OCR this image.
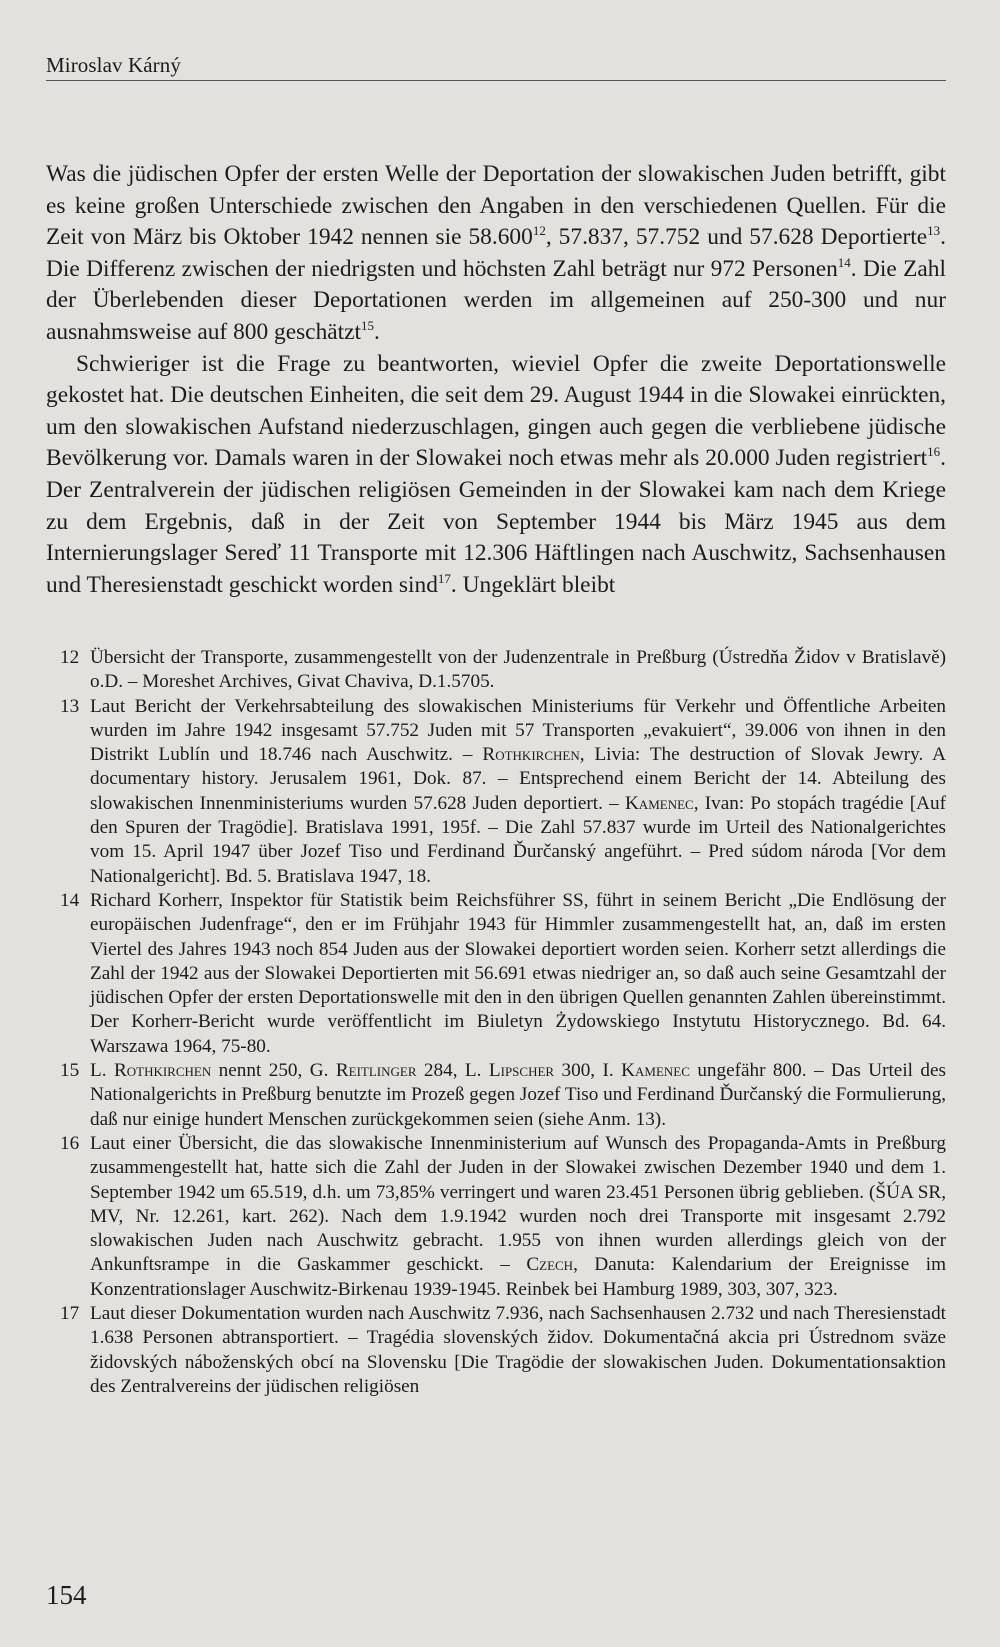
Miroslav Kárný

Was die jüdischen Opfer der ersten Welle der Deportation der slowakischen Juden betrifft, gibt es keine großen Unterschiede zwischen den Angaben in den verschiedenen Quellen. Für die Zeit von März bis Oktober 1942 nennen sie 58.600$^{12}$, 57.837, 57.752 und 57.628 Deportierte$^{13}$. Die Differenz zwischen der niedrigsten und höchsten Zahl beträgt nur 972 Personen$^{14}$. Die Zahl der Überlebenden dieser Deportationen werden im allgemeinen auf 250-300 und nur ausnahmsweise auf 800 geschätzt$^{15}$.

Schwieriger ist die Frage zu beantworten, wieviel Opfer die zweite Deportationswelle gekostet hat. Die deutschen Einheiten, die seit dem 29. August 1944 in die Slowakei einrückten, um den slowakischen Aufstand niederzuschlagen, gingen auch gegen die verbliebene jüdische Bevölkerung vor. Damals waren in der Slowakei noch etwas mehr als 20.000 Juden registriert$^{16}$. Der Zentralverein der jüdischen religiösen Gemeinden in der Slowakei kam nach dem Kriege zu dem Ergebnis, daß in der Zeit von September 1944 bis März 1945 aus dem Internierungslager Sereď 11 Transporte mit 12.306 Häftlingen nach Auschwitz, Sachsenhausen und Theresienstadt geschickt worden sind$^{17}$. Ungeklärt bleibt

12 Übersicht der Transporte, zusammengestellt von der Judenzentrale in Preßburg (Ústredňa Židov v Bratislavě) o.D. – Moreshet Archives, Givat Chaviva, D.1.5705.
13 Laut Bericht der Verkehrsabteilung des slowakischen Ministeriums für Verkehr und Öffentliche Arbeiten wurden im Jahre 1942 insgesamt 57.752 Juden mit 57 Transporten „evakuiert“, 39.006 von ihnen in den Distrikt Lublín und 18.746 nach Auschwitz. – Rothkirchen, Livia: The destruction of Slovak Jewry. A documentary history. Jerusalem 1961, Dok. 87. – Entsprechend einem Bericht der 14. Abteilung des slowakischen Innenministeriums wurden 57.628 Juden deportiert. – Kamenec, Ivan: Po stopách tragédie [Auf den Spuren der Tragödie]. Bratislava 1991, 195f. – Die Zahl 57.837 wurde im Urteil des Nationalgerichtes vom 15. April 1947 über Jozef Tiso und Ferdinand Ďurčanský angeführt. – Pred súdom národa [Vor dem Nationalgericht]. Bd. 5. Bratislava 1947, 18.
14 Richard Korherr, Inspektor für Statistik beim Reichsführer SS, führt in seinem Bericht „Die Endlösung der europäischen Judenfrage“, den er im Frühjahr 1943 für Himmler zusammengestellt hat, an, daß im ersten Viertel des Jahres 1943 noch 854 Juden aus der Slowakei deportiert worden seien. Korherr setzt allerdings die Zahl der 1942 aus der Slowakei Deportierten mit 56.691 etwas niedriger an, so daß auch seine Gesamtzahl der jüdischen Opfer der ersten Deportationswelle mit den in den übrigen Quellen genannten Zahlen übereinstimmt. Der Korherr-Bericht wurde veröffentlicht im Biuletyn Żydowskiego Instytutu Historycznego. Bd. 64. Warszawa 1964, 75-80.
15 L. Rothkirchen nennt 250, G. Reitlinger 284, L. Lipscher 300, I. Kamenec ungefähr 800. – Das Urteil des Nationalgerichts in Preßburg benutzte im Prozeß gegen Jozef Tiso und Ferdinand Ďurčanský die Formulierung, daß nur einige hundert Menschen zurückgekommen seien (siehe Anm. 13).
16 Laut einer Übersicht, die das slowakische Innenministerium auf Wunsch des Propaganda-Amts in Preßburg zusammengestellt hat, hatte sich die Zahl der Juden in der Slowakei zwischen Dezember 1940 und dem 1. September 1942 um 65.519, d.h. um 73,85% verringert und waren 23.451 Personen übrig geblieben. (ŠÚA SR, MV, Nr. 12.261, kart. 262). Nach dem 1.9.1942 wurden noch drei Transporte mit insgesamt 2.792 slowakischen Juden nach Auschwitz gebracht. 1.955 von ihnen wurden allerdings gleich von der Ankunftsrampe in die Gaskammer geschickt. – Czech, Danuta: Kalendarium der Ereignisse im Konzentrationslager Auschwitz-Birkenau 1939-1945. Reinbek bei Hamburg 1989, 303, 307, 323.
17 Laut dieser Dokumentation wurden nach Auschwitz 7.936, nach Sachsenhausen 2.732 und nach Theresienstadt 1.638 Personen abtransportiert. – Tragédia slovenských židov. Dokumentačná akcia pri Ústrednom sväze židovských náboženských obcí na Slovensku [Die Tragödie der slowakischen Juden. Dokumentationsaktion des Zentralvereins der jüdischen religiösen
154
